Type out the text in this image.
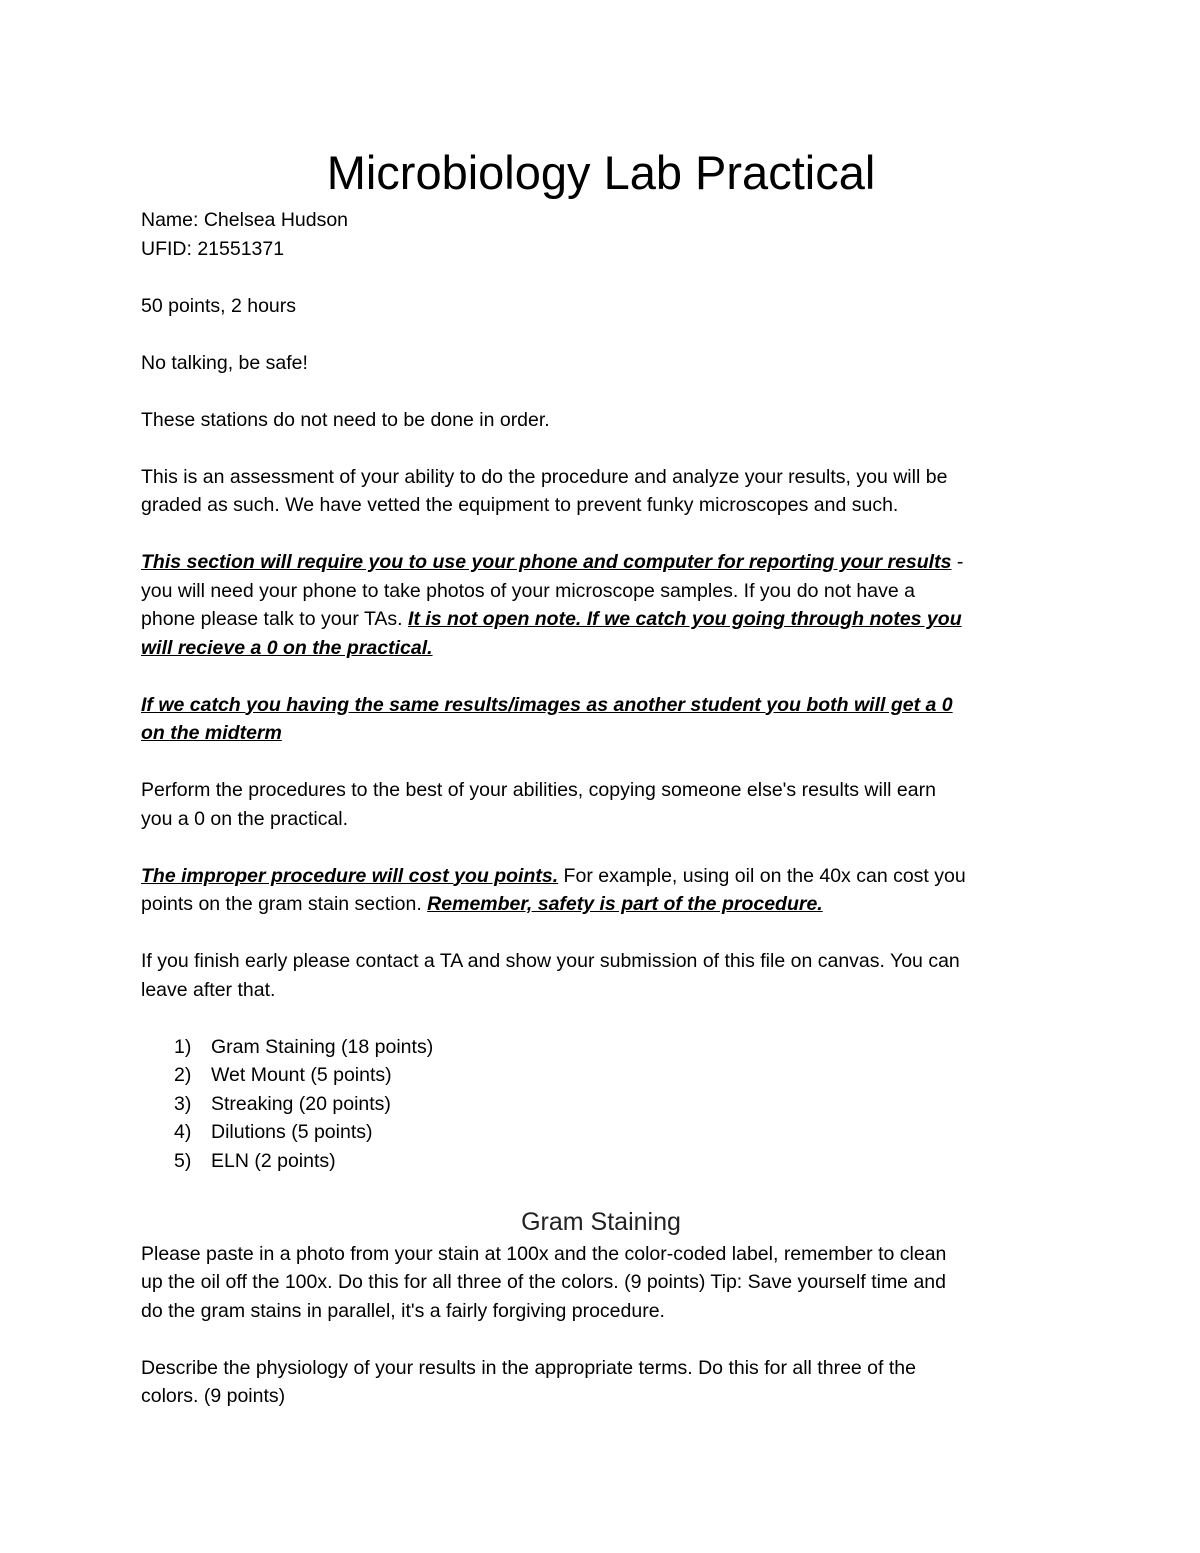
Microbiology Lab Practical

Name: Chelsea Hudson

UFID: 21551371

50 points, 2 hours

No talking, be safe!

These stations do not need to be done in order.

This is an assessment of your ability to do the procedure and analyze your results, you will be

graded as such. We have vetted the equipment to prevent funky microscopes and such.

This section will require you to use your phone and computer for reporting your results -

you will need your phone to take photos of your microscope samples. If you do not have a

phone please talk to your TAs. It is not open note. If we catch you going through notes you

will recieve a 0 on the practical.

If we catch you having the same results/images as another student you both will get a 0

on the midterm

Perform the procedures to the best of your abilities, copying someone else's results will earn

you a 0 on the practical.

The improper procedure will cost you points. For example, using oil on the 40x can cost you

points on the gram stain section. Remember, safety is part of the procedure.

If you finish early please contact a TA and show your submission of this file on canvas. You can

leave after that.

1) Gram Staining (18 points)
2) Wet Mount (5 points)
3) Streaking (20 points)
4) Dilutions (5 points)
5) ELN (2 points)
Gram Staining

Please paste in a photo from your stain at 100x and the color-coded label, remember to clean

up the oil off the 100x. Do this for all three of the colors. (9 points) Tip: Save yourself time and

do the gram stains in parallel, it's a fairly forgiving procedure.

Describe the physiology of your results in the appropriate terms. Do this for all three of the

colors. (9 points)
